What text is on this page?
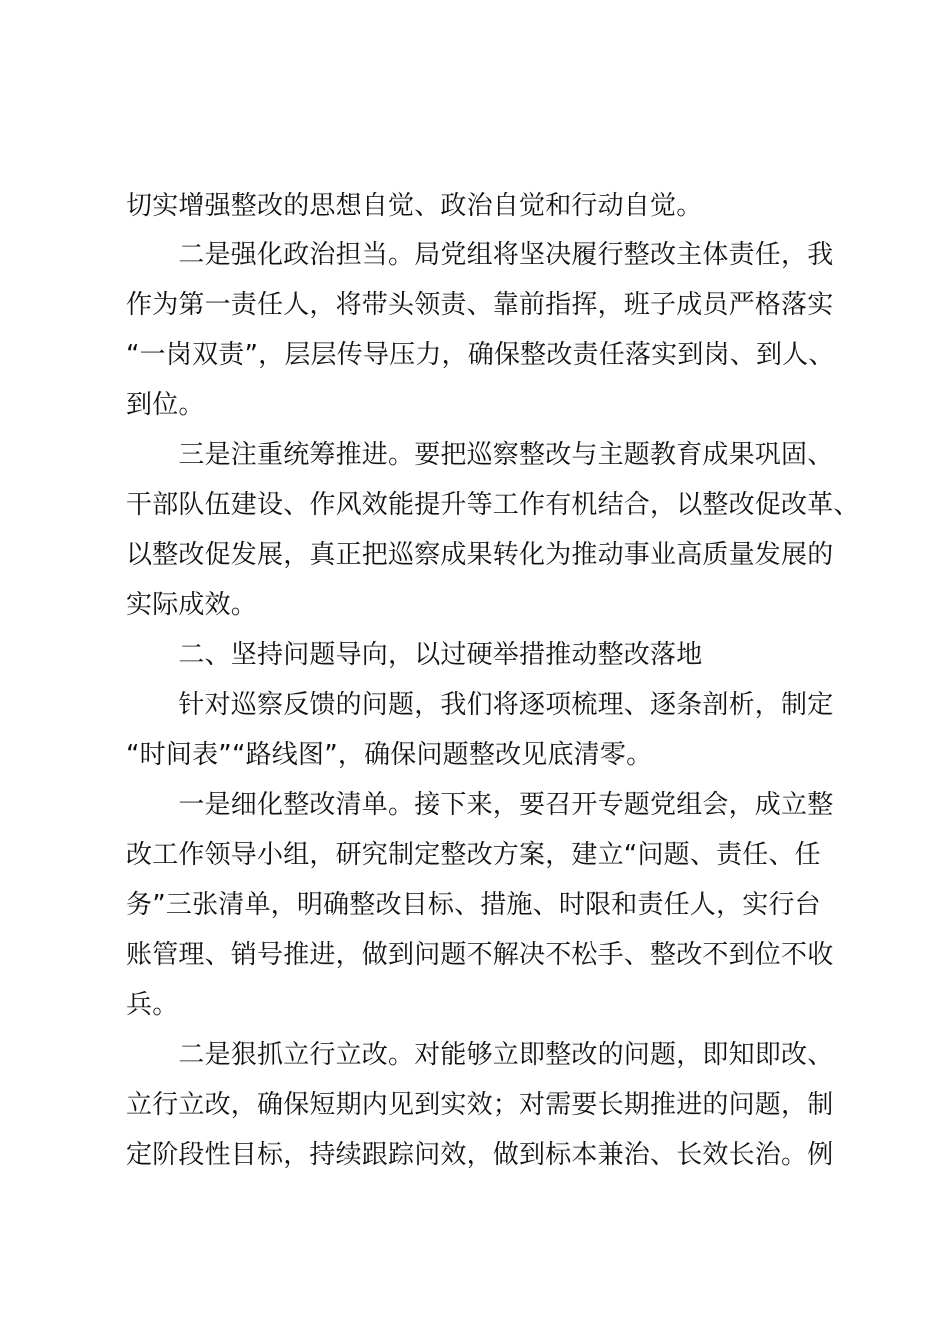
切实增强整改的思想自觉、政治自觉和行动自觉。
　　二是强化政治担当。局党组将坚决履行整改主体责任，我
作为第一责任人，将带头领责、靠前指挥，班子成员严格落实
“一岗双责”，层层传导压力，确保整改责任落实到岗、到人、
到位。
　　三是注重统筹推进。要把巡察整改与主题教育成果巩固、
干部队伍建设、作风效能提升等工作有机结合，以整改促改革、
以整改促发展，真正把巡察成果转化为推动事业高质量发展的
实际成效。
　　二、坚持问题导向，以过硬举措推动整改落地
　　针对巡察反馈的问题，我们将逐项梳理、逐条剖析，制定
“时间表”“路线图”，确保问题整改见底清零。
　　一是细化整改清单。接下来，要召开专题党组会，成立整
改工作领导小组，研究制定整改方案，建立“问题、责任、任
务”三张清单，明确整改目标、措施、时限和责任人，实行台
账管理、销号推进，做到问题不解决不松手、整改不到位不收
兵。
　　二是狠抓立行立改。对能够立即整改的问题，即知即改、
立行立改，确保短期内见到实效；对需要长期推进的问题，制
定阶段性目标，持续跟踪问效，做到标本兼治、长效长治。例
